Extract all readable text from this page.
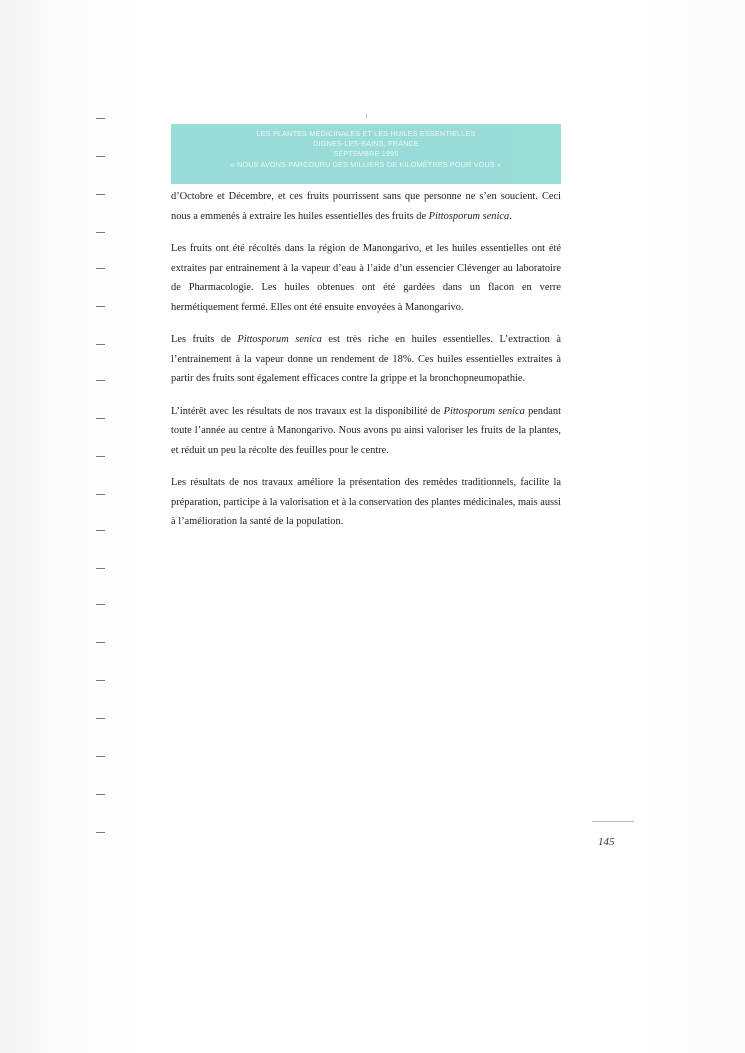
LES PLANTES MÉDICINALES ET LES HUILES ESSENTIELLES
DIGNES-LES-BAINS, FRANCE
SEPTEMBRE 1995
« NOUS AVONS PARCOURU DES MILLIERS DE KILOMÈTRES POUR VOUS »

d’Octobre et Décembre, et ces fruits pourrissent sans que personne ne s’en soucient. Ceci nous a emmenés à extraire les huiles essentielles des fruits de Pittosporum senica.

Les fruits ont été récoltés dans la région de Manongarivo, et les huiles essentielles ont été extraites par entrainement à la vapeur d’eau à l’aide d’un essencier Clévenger au laboratoire de Pharmacologie. Les huiles obtenues ont été gardées dans un flacon en verre hermétiquement fermé. Elles ont été ensuite envoyées à Manongarivo.

Les fruits de Pittosporum senica est très riche en huiles essentielles. L’extraction à l’entrainement à la vapeur donne un rendement de 18%. Ces huiles essentielles extraites à partir des fruits sont également efficaces contre la grippe et la bronchopneumopathie.

L’intérêt avec les résultats de nos travaux est la disponibilité de Pittosporum senica pendant toute l’année au centre à Manongarivo. Nous avons pu ainsi valoriser les fruits de la plantes, et réduit un peu la récolte des feuilles pour le centre.

Les résultats de nos travaux améliore la présentation des remèdes traditionnels, facilite la préparation, participe à la valorisation et à la conservation des plantes médicinales, mais aussi à l’amélioration la santé de la population.

145
